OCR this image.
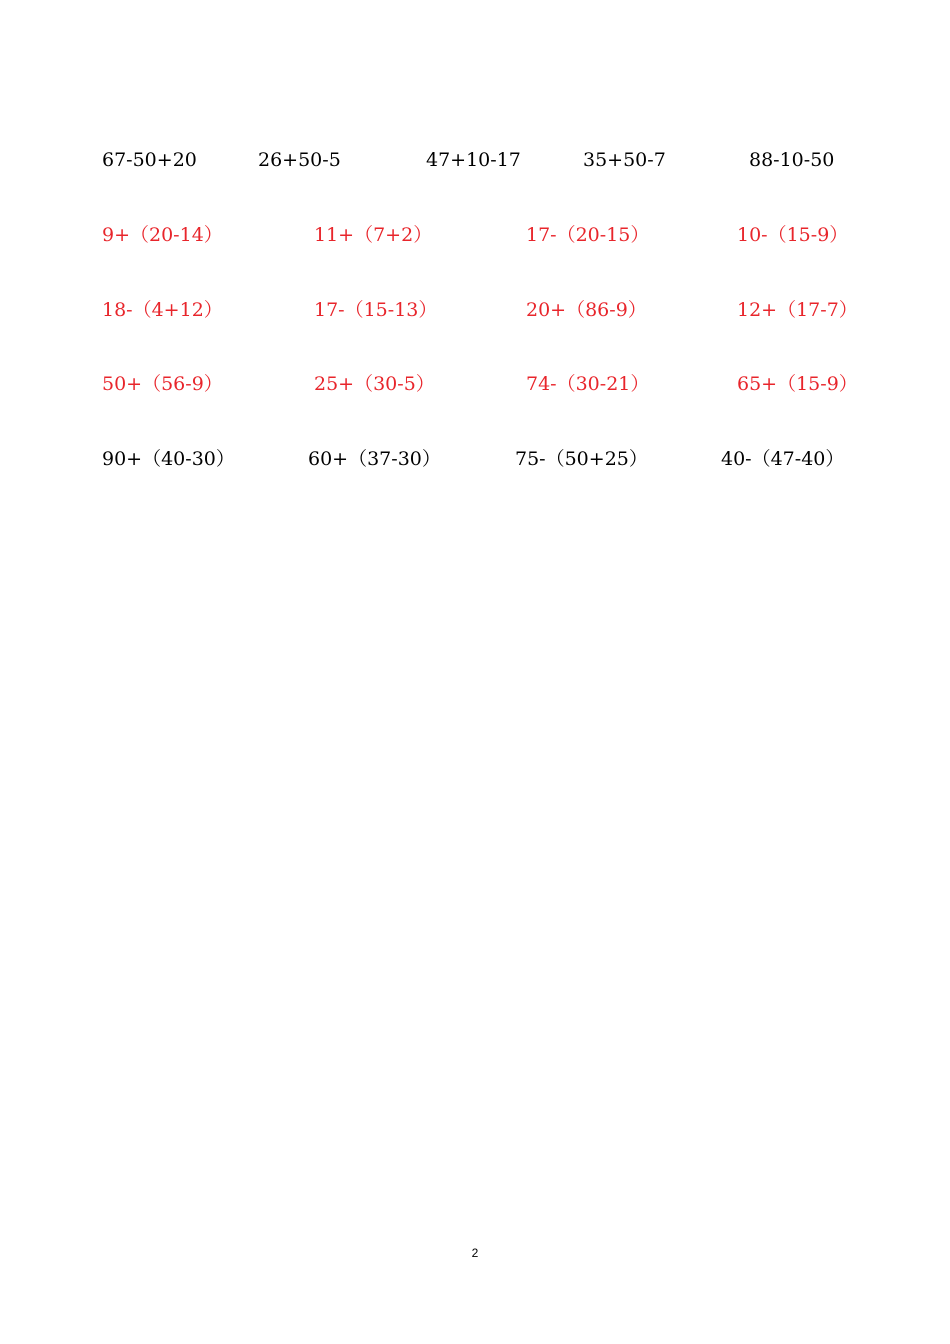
67-50+20	26+50-5	47+10-17	35+50-7	88-10-50
9+（20-14）	11+（7+2）	17-（20-15）	10-（15-9）
18-（4+12）	17-（15-13）	20+（86-9）	12+（17-7）
50+（56-9）	25+（30-5）	74-（30-21）	65+（15-9）
90+（40-30）	60+（37-30）	75-（50+25）	40-（47-40）
2
